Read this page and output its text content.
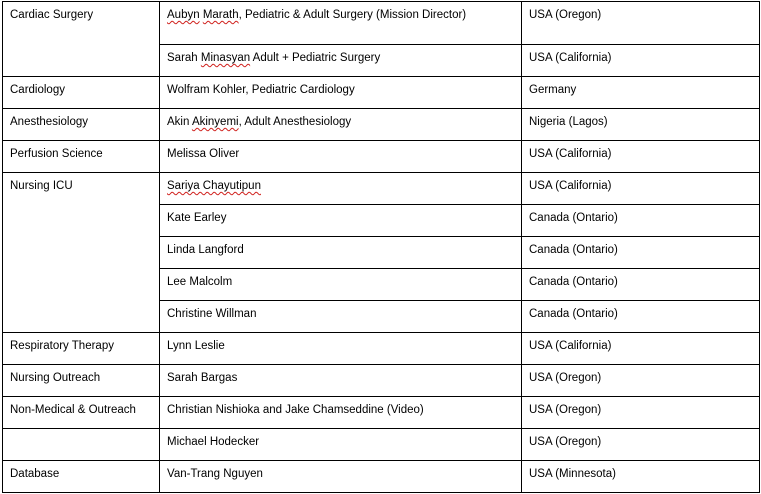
Cardiac Surgery	Aubyn Marath, Pediatric & Adult Surgery (Mission Director)	USA (Oregon)
	Sarah Minasyan Adult + Pediatric Surgery	USA (California)
Cardiology	Wolfram Kohler, Pediatric Cardiology	Germany
Anesthesiology	Akin Akinyemi, Adult Anesthesiology	Nigeria (Lagos)
Perfusion Science	Melissa Oliver	USA (California)
Nursing ICU	Sariya Chayutipun	USA (California)
	Kate Earley	Canada (Ontario)
	Linda Langford	Canada (Ontario)
	Lee Malcolm	Canada (Ontario)
	Christine Willman	Canada (Ontario)
Respiratory Therapy	Lynn Leslie	USA (California)
Nursing Outreach	Sarah Bargas	USA (Oregon)
Non-Medical & Outreach	Christian Nishioka and Jake Chamseddine (Video)	USA (Oregon)
	Michael Hodecker	USA (Oregon)
Database	Van-Trang Nguyen	USA (Minnesota)
